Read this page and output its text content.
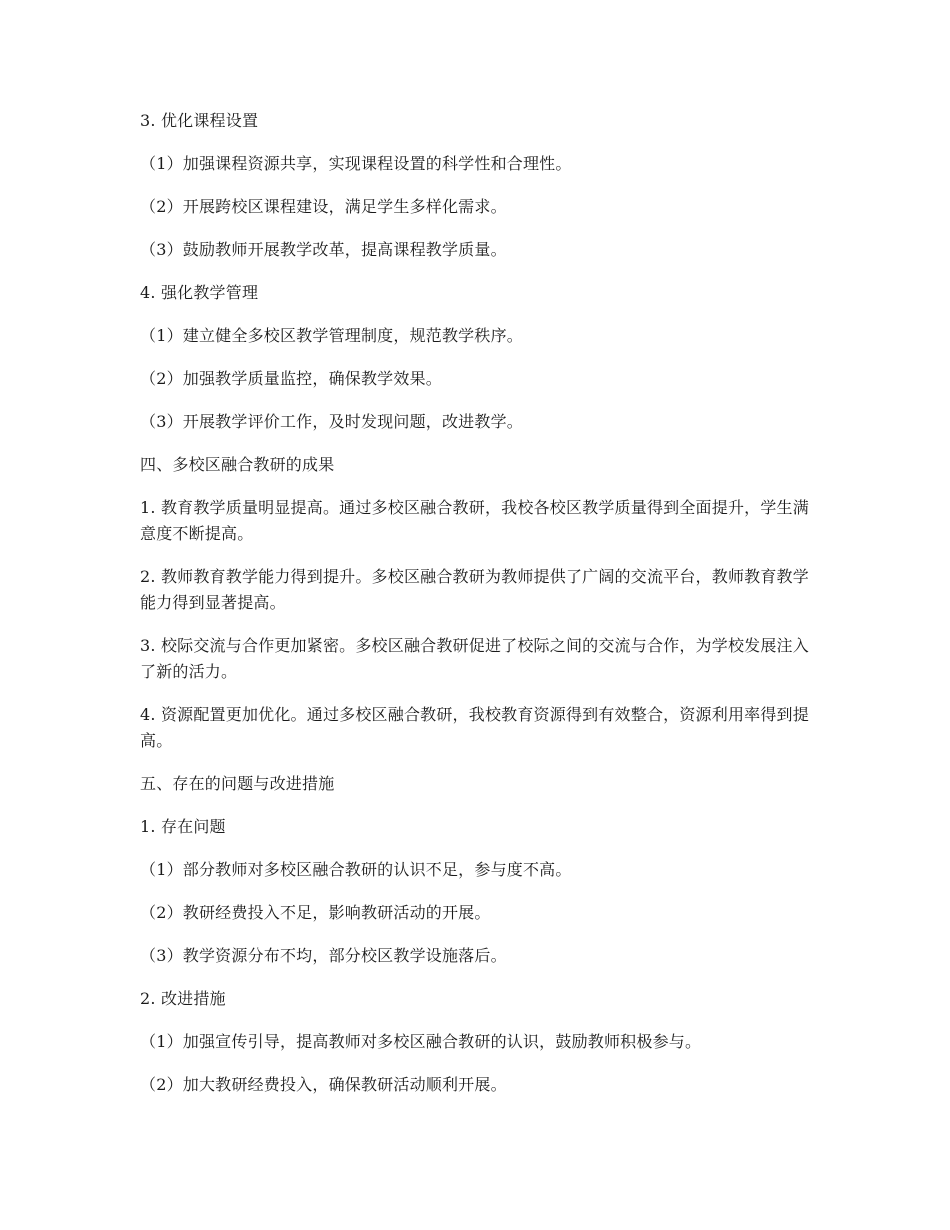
3. 优化课程设置

（1）加强课程资源共享，实现课程设置的科学性和合理性。

（2）开展跨校区课程建设，满足学生多样化需求。

（3）鼓励教师开展教学改革，提高课程教学质量。

4. 强化教学管理

（1）建立健全多校区教学管理制度，规范教学秩序。

（2）加强教学质量监控，确保教学效果。

（3）开展教学评价工作，及时发现问题，改进教学。

四、多校区融合教研的成果

1. 教育教学质量明显提高。通过多校区融合教研，我校各校区教学质量得到全面提升，学生满意度不断提高。

2. 教师教育教学能力得到提升。多校区融合教研为教师提供了广阔的交流平台，教师教育教学能力得到显著提高。

3. 校际交流与合作更加紧密。多校区融合教研促进了校际之间的交流与合作，为学校发展注入了新的活力。

4. 资源配置更加优化。通过多校区融合教研，我校教育资源得到有效整合，资源利用率得到提高。

五、存在的问题与改进措施

1. 存在问题

（1）部分教师对多校区融合教研的认识不足，参与度不高。

（2）教研经费投入不足，影响教研活动的开展。

（3）教学资源分布不均，部分校区教学设施落后。

2. 改进措施

（1）加强宣传引导，提高教师对多校区融合教研的认识，鼓励教师积极参与。

（2）加大教研经费投入，确保教研活动顺利开展。
